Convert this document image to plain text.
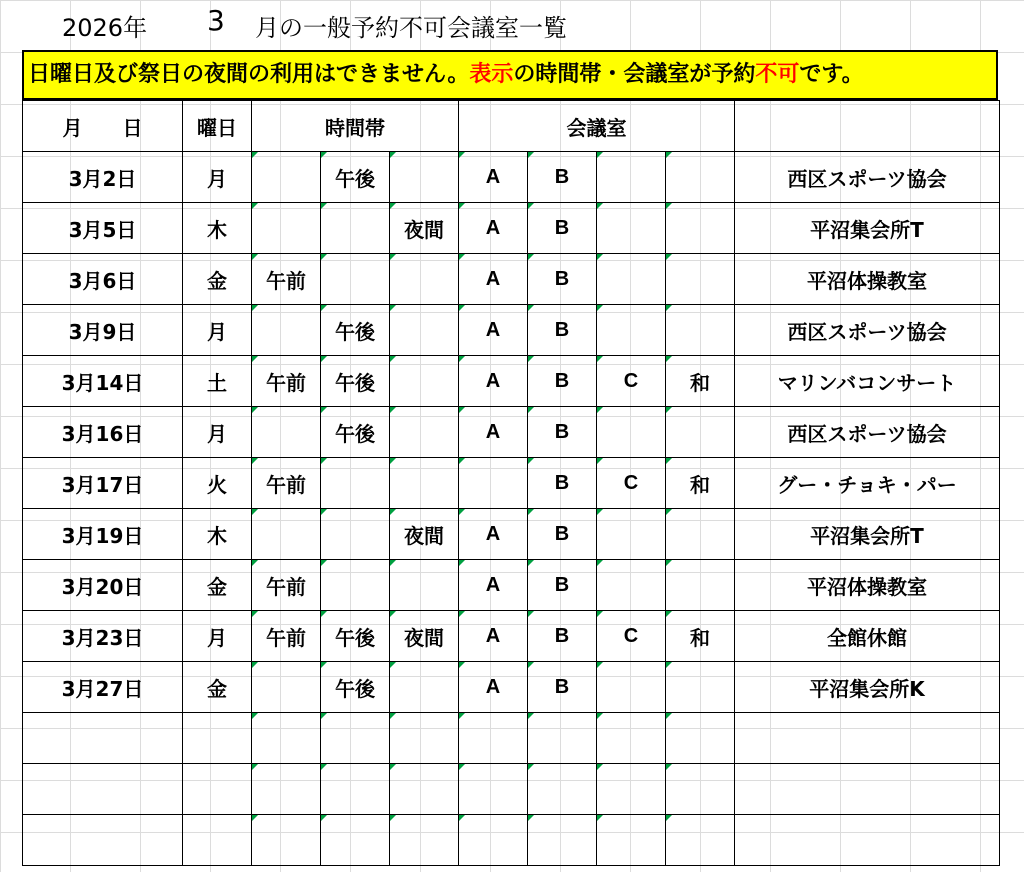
2026年 3 月の一般予約不可会議室一覧
日曜日及び祭日の夜間の利用はできません。表示の時間帯・会議室が予約不可です。
月　　日	曜日	時間帯			会議室				
3月2日	月		午後		A	B			西区スポーツ協会
3月5日	木			夜間	A	B			平沼集会所T
3月6日	金	午前			A	B			平沼体操教室
3月9日	月		午後		A	B			西区スポーツ協会
3月14日	土	午前	午後		A	B	C	和	マリンバコンサート
3月16日	月		午後		A	B			西区スポーツ協会
3月17日	火	午前				B	C	和	グー・チョキ・パー
3月19日	木			夜間	A	B			平沼集会所T
3月20日	金	午前			A	B			平沼体操教室
3月23日	月	午前	午後	夜間	A	B	C	和	全館休館
3月27日	金		午後		A	B			平沼集会所K
